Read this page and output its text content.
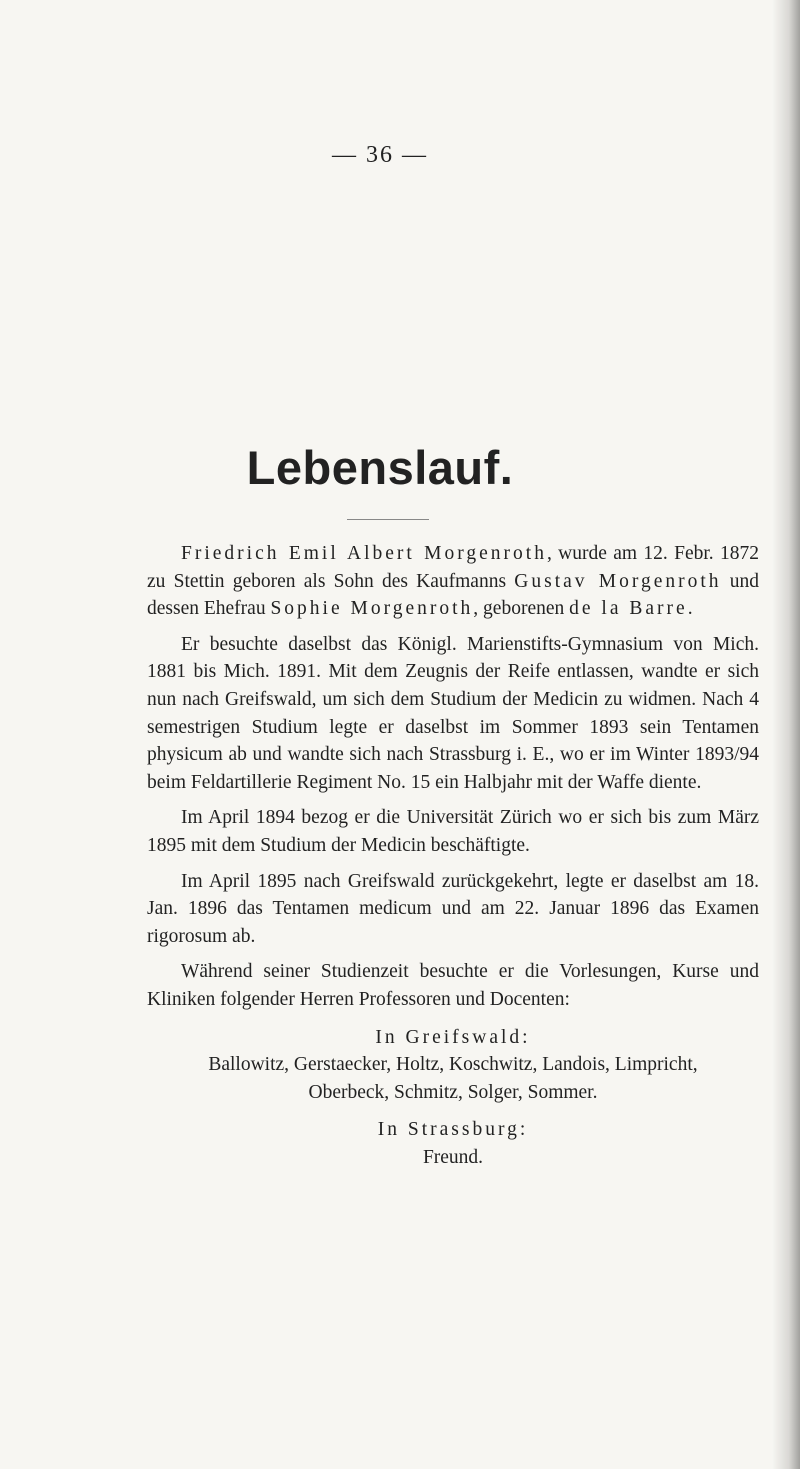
— 36 —
Lebenslauf.

Friedrich Emil Albert Morgenroth, wurde am 12. Febr. 1872 zu Stettin geboren als Sohn des Kaufmanns Gustav Morgenroth und dessen Ehefrau Sophie Morgenroth, geborenen de la Barre.

Er besuchte daselbst das Königl. Marienstifts-Gymnasium von Mich. 1881 bis Mich. 1891. Mit dem Zeugnis der Reife entlassen, wandte er sich nun nach Greifswald, um sich dem Studium der Medicin zu widmen. Nach 4 semestrigen Studium legte er daselbst im Sommer 1893 sein Tentamen physicum ab und wandte sich nach Strassburg i. E., wo er im Winter 1893/94 beim Feldartillerie Regiment No. 15 ein Halbjahr mit der Waffe diente.

Im April 1894 bezog er die Universität Zürich wo er sich bis zum März 1895 mit dem Studium der Medicin beschäftigte.

Im April 1895 nach Greifswald zurückgekehrt, legte er daselbst am 18. Jan. 1896 das Tentamen medicum und am 22. Januar 1896 das Examen rigorosum ab.

Während seiner Studienzeit besuchte er die Vorlesungen, Kurse und Kliniken folgender Herren Professoren und Docenten:

In Greifswald:
Ballowitz, Gerstaecker, Holtz, Koschwitz, Landois, Limpricht,
Oberbeck, Schmitz, Solger, Sommer.
In Strassburg:
Freund.
